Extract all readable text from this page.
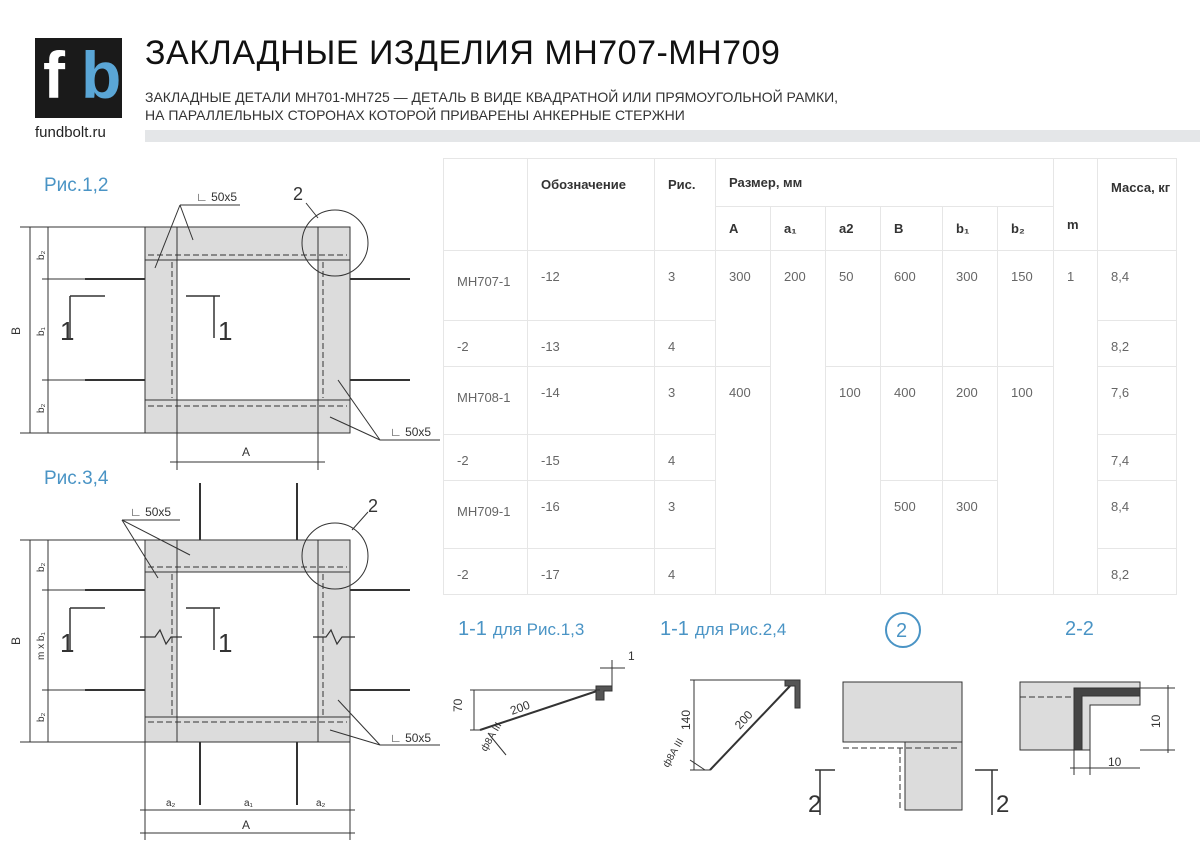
f b
fundbolt.ru
ЗАКЛАДНЫЕ ИЗДЕЛИЯ МН707-МН709
ЗАКЛАДНЫЕ ДЕТАЛИ МН701-МН725 — ДЕТАЛЬ В ВИДЕ КВАДРАТНОЙ ИЛИ ПРЯМОУГОЛЬНОЙ РАМКИ,
НА ПАРАЛЛЕЛЬНЫХ СТОРОНАХ КОТОРОЙ ПРИВАРЕНЫ АНКЕРНЫЕ СТЕРЖНИ
Рис.1,2
Рис.3,4
∟ 50x5
∟ 50x5
2
1	1
A
B
b₂
b₁
b₂
∟ 50x5
∟ 50x5
2
1	1
a₂	a₁	a₂
A
B
b₂
m x b₁
b₂
70	200
1
ф8А III
140	200
ф8А III
2
2	2
10
10
1-1 для Рис.1,3	1-1 для Рис.2,4	2-2
	Обозначение	Рис.	Размер, мм						m	Масса, кг
			A	a₁	a2	B	b₁	b₂		
МН707-1	-12	3	300	200	50	600	300	150	1	8,4
-2	-13	4								8,2
МН708-1	-14	3	400		100	400	200	100		7,6
-2	-15	4								7,4
МН709-1	-16	3				500	300			8,4
-2	-17	4								8,2
